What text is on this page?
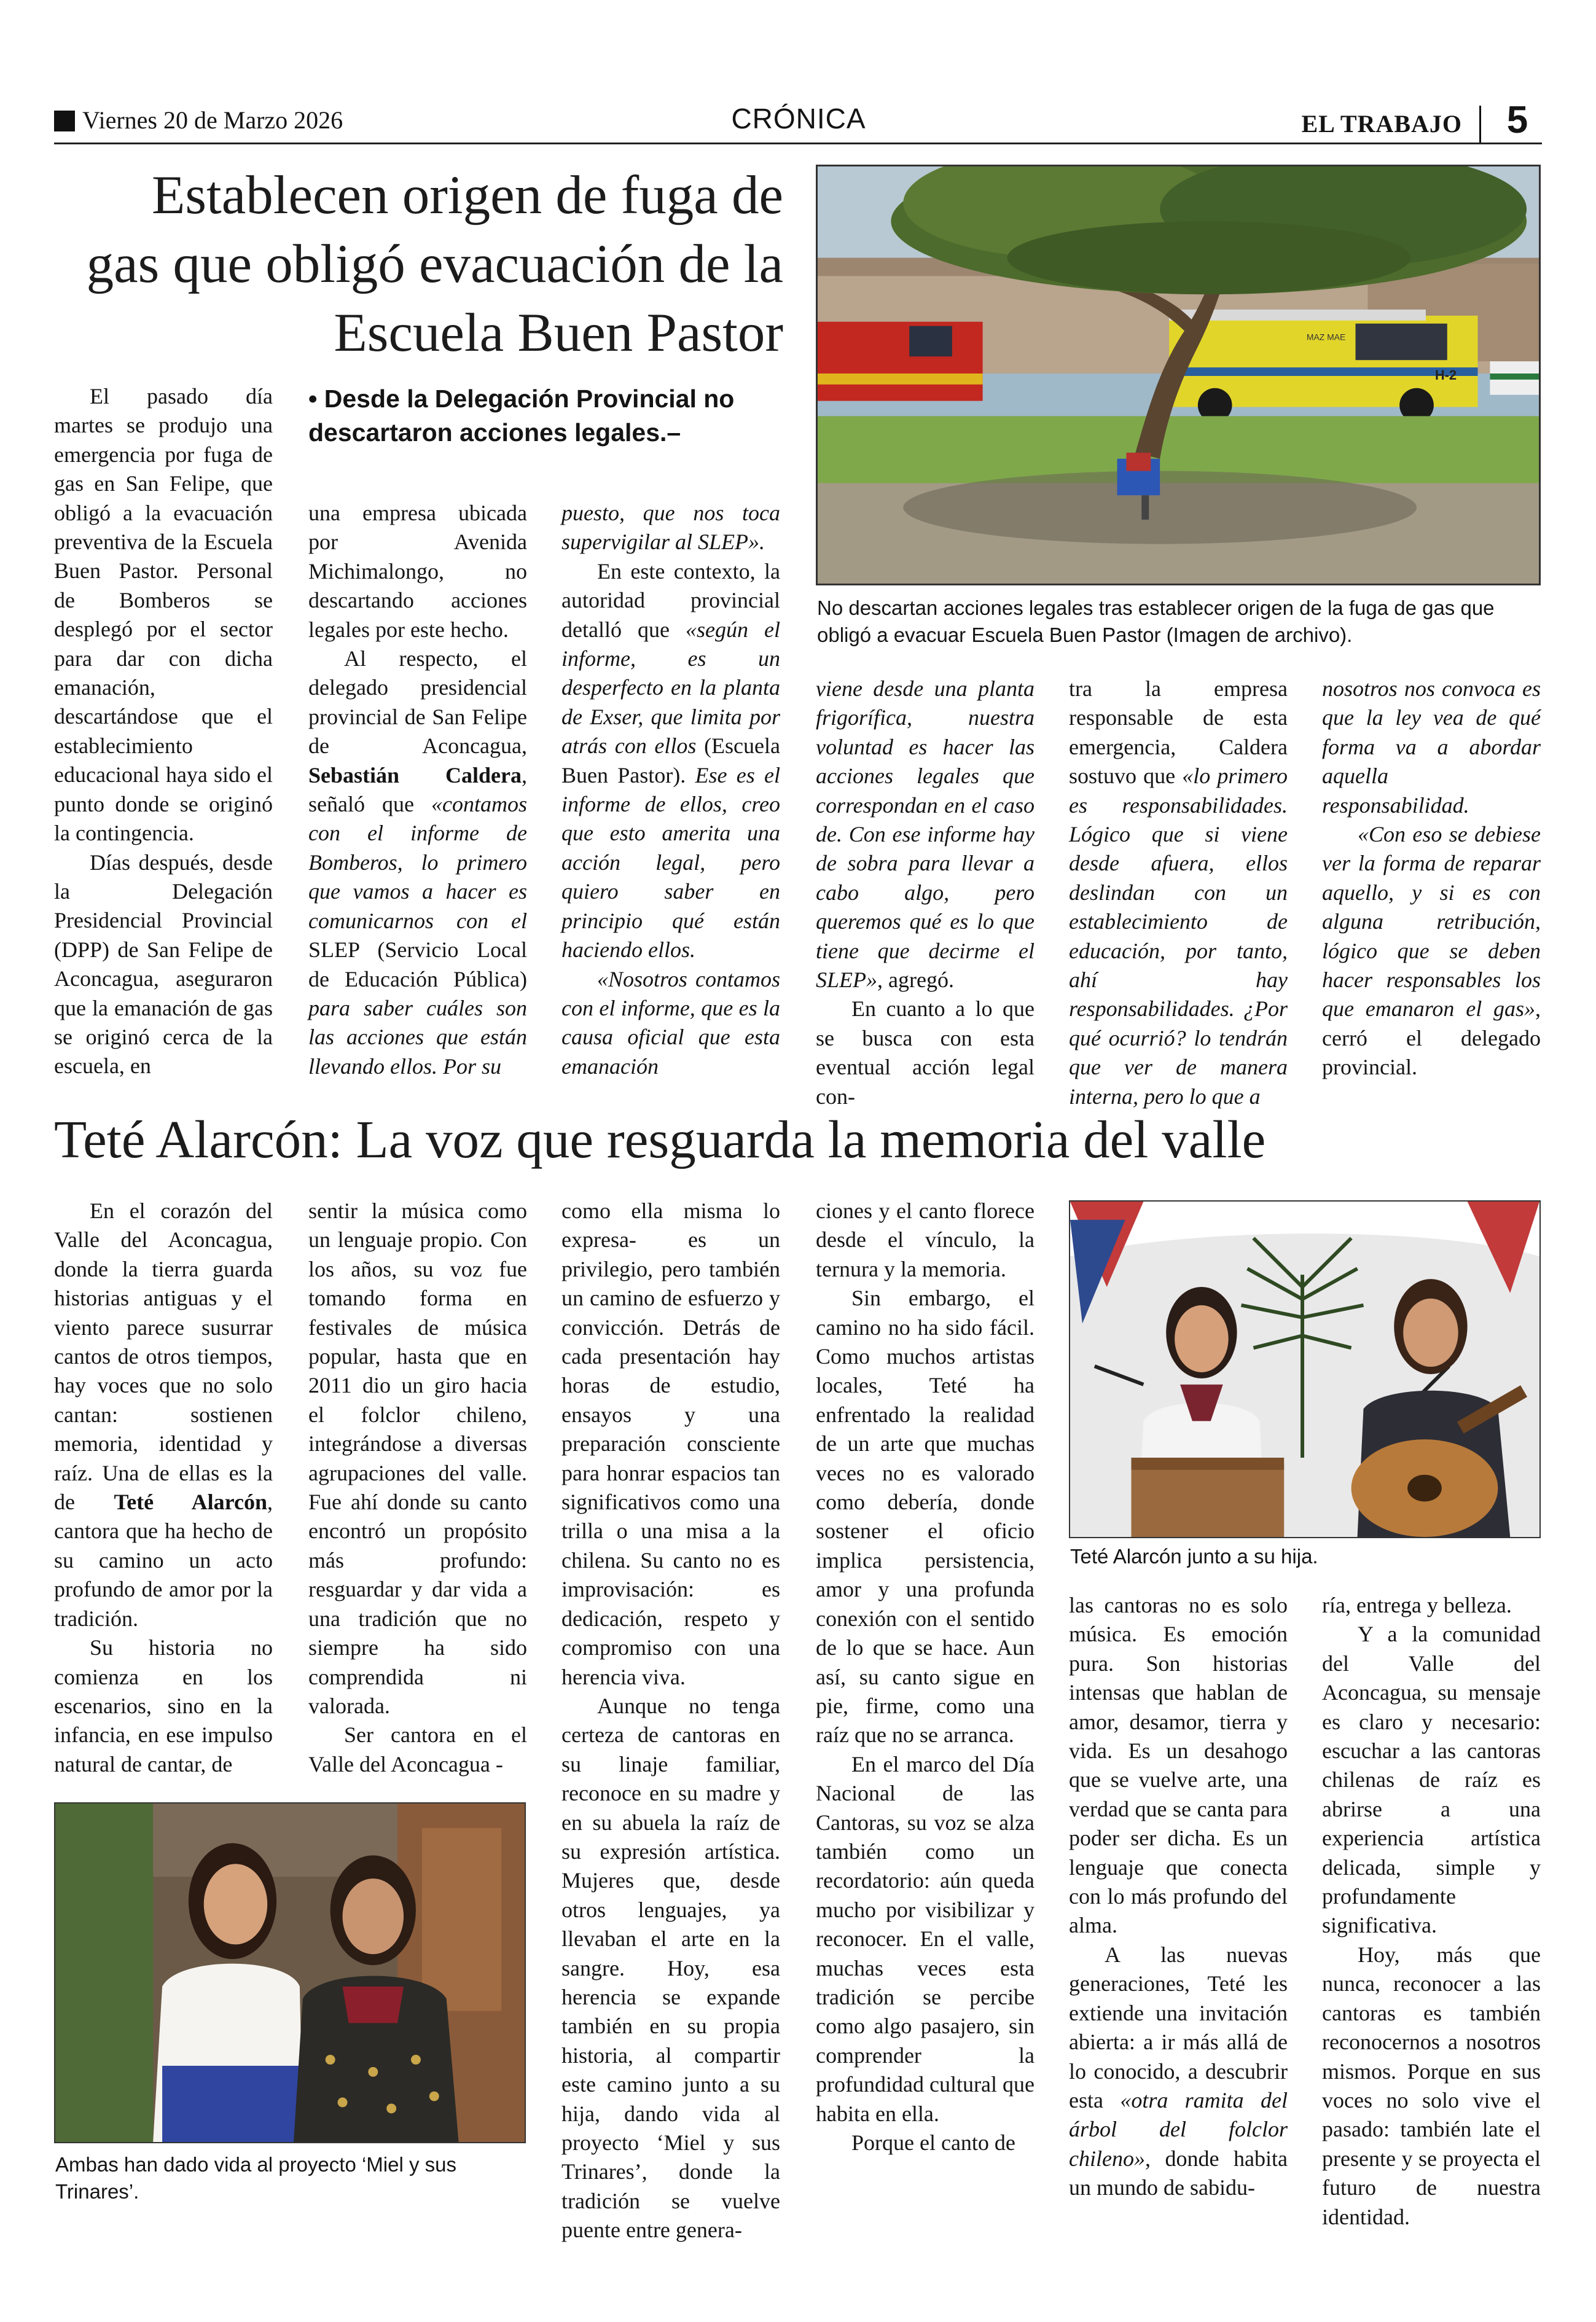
Viernes 20 de Marzo 2026	CRÓNICA	EL TRABAJO	5
Establecen origen de fuga de gas que obligó evacuación de la Escuela Buen Pastor	MAZ MAE
H-2
No descartan acciones legales tras establecer origen de la fuga de gas que obligó a evacuar Escuela Buen Pastor (Imagen de archivo).
• Desde la Delegación Provincial no descartaron acciones legales.–

El pasado día martes se produjo una emergencia por fuga de gas en San Felipe, que obligó a la evacuación preventiva de la Escuela Buen Pastor. Personal de Bomberos se desplegó por el sector para dar con dicha emanación, descartándose que el establecimiento educacional haya sido el punto donde se originó la contingencia.

Días después, desde la Delegación Presidencial Provincial (DPP) de San Felipe de Aconcagua, aseguraron que la emanación de gas se originó cerca de la escuela, en

una empresa ubicada por Avenida Michimalongo, no descartando acciones legales por este hecho.

Al respecto, el delegado presidencial provincial de San Felipe de Aconcagua, Sebastián Caldera, señaló que «contamos con el informe de Bomberos, lo primero que vamos a hacer es comunicarnos con el SLEP (Servicio Local de Educación Pública) para saber cuáles son las acciones que están llevando ellos. Por su

puesto, que nos toca supervigilar al SLEP».

En este contexto, la autoridad provincial detalló que «según el informe, es un desperfecto en la planta de Exser, que limita por atrás con ellos (Escuela Buen Pastor). Ese es el informe de ellos, creo que esto amerita una acción legal, pero quiero saber en principio qué están haciendo ellos.

«Nosotros contamos con el informe, que es la causa oficial que esta emanación

viene desde una planta frigorífica, nuestra voluntad es hacer las acciones legales que correspondan en el caso de. Con ese informe hay de sobra para llevar a cabo algo, pero queremos qué es lo que tiene que decirme el SLEP», agregó.

En cuanto a lo que se busca con esta eventual acción legal con-

tra la empresa responsable de esta emergencia, Caldera sostuvo que «lo primero es responsabilidades. Lógico que si viene desde afuera, ellos deslindan con un establecimiento de educación, por tanto, ahí hay responsabilidades. ¿Por qué ocurrió? lo tendrán que ver de manera interna, pero lo que a

nosotros nos convoca es que la ley vea de qué forma va a abordar aquella responsabilidad.

«Con eso se debiese ver la forma de reparar aquello, y si es con alguna retribución, lógico que se deben hacer responsables los que emanaron el gas», cerró el delegado provincial.

Teté Alarcón: La voz que resguarda la memoria del valle
Teté Alarcón junto a su hija.
Ambas han dado vida al proyecto ‘Miel y sus Trinares’.

En el corazón del Valle del Aconcagua, donde la tierra guarda historias antiguas y el viento parece susurrar cantos de otros tiempos, hay voces que no solo cantan: sostienen memoria, identidad y raíz. Una de ellas es la de Teté Alarcón, cantora que ha hecho de su camino un acto profundo de amor por la tradición.

Su historia no comienza en los escenarios, sino en la infancia, en ese impulso natural de cantar, de

sentir la música como un lenguaje propio. Con los años, su voz fue tomando forma en festivales de música popular, hasta que en 2011 dio un giro hacia el folclor chileno, integrándose a diversas agrupaciones del valle. Fue ahí donde su canto encontró un propósito más profundo: resguardar y dar vida a una tradición que no siempre ha sido comprendida ni valorada.

Ser cantora en el Valle del Aconcagua -

como ella misma lo expresa- es un privilegio, pero también un camino de esfuerzo y convicción. Detrás de cada presentación hay horas de estudio, ensayos y una preparación consciente para honrar espacios tan significativos como una trilla o una misa a la chilena. Su canto no es improvisación: es dedicación, respeto y compromiso con una herencia viva.

Aunque no tenga certeza de cantoras en su linaje familiar, reconoce en su madre y en su abuela la raíz de su expresión artística. Mujeres que, desde otros lenguajes, ya llevaban el arte en la sangre. Hoy, esa herencia se expande también en su propia historia, al compartir este camino junto a su hija, dando vida al proyecto ‘Miel y sus Trinares’, donde la tradición se vuelve puente entre genera-

ciones y el canto florece desde el vínculo, la ternura y la memoria.

Sin embargo, el camino no ha sido fácil. Como muchos artistas locales, Teté ha enfrentado la realidad de un arte que muchas veces no es valorado como debería, donde sostener el oficio implica persistencia, amor y una profunda conexión con el sentido de lo que se hace. Aun así, su canto sigue en pie, firme, como una raíz que no se arranca.

En el marco del Día Nacional de las Cantoras, su voz se alza también como un recordatorio: aún queda mucho por visibilizar y reconocer. En el valle, muchas veces esta tradición se percibe como algo pasajero, sin comprender la profundidad cultural que habita en ella.

Porque el canto de

las cantoras no es solo música. Es emoción pura. Son historias intensas que hablan de amor, desamor, tierra y vida. Es un desahogo que se vuelve arte, una verdad que se canta para poder ser dicha. Es un lenguaje que conecta con lo más profundo del alma.

A las nuevas generaciones, Teté les extiende una invitación abierta: a ir más allá de lo conocido, a descubrir esta «otra ramita del árbol del folclor chileno», donde habita un mundo de sabidu-

ría, entrega y belleza.

Y a la comunidad del Valle del Aconcagua, su mensaje es claro y necesario: escuchar a las cantoras chilenas de raíz es abrirse a una experiencia artística delicada, simple y profundamente significativa.

Hoy, más que nunca, reconocer a las cantoras es también reconocernos a nosotros mismos. Porque en sus voces no solo vive el pasado: también late el presente y se proyecta el futuro de nuestra identidad.
